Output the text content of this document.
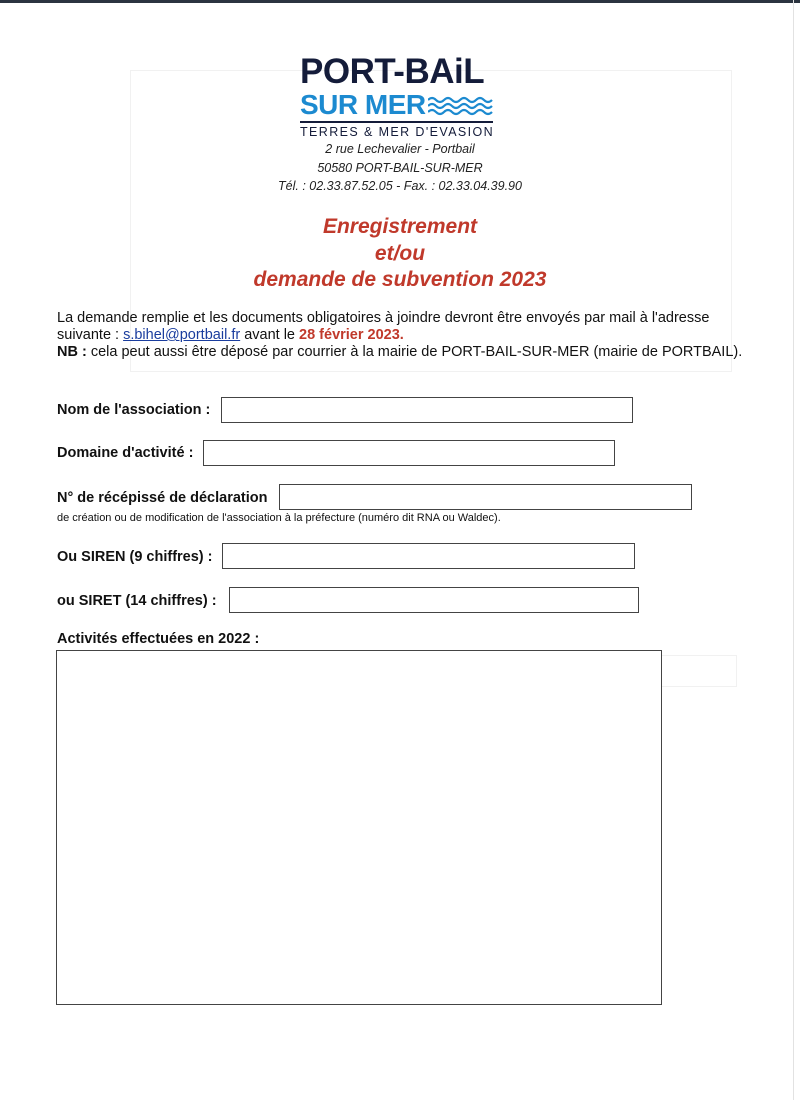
PORT-BAiL
SUR MER
TERRES & MER D'EVASION
2 rue Lechevalier - Portbail
50580 PORT-BAIL-SUR-MER
Tél. : 02.33.87.52.05 - Fax. : 02.33.04.39.90
Enregistrement
et/ou
demande de subvention 2023
La demande remplie et les documents obligatoires à joindre devront être envoyés par mail à l'adresse suivante : s.bihel@portbail.fr avant le 28 février 2023.
NB : cela peut aussi être déposé par courrier à la mairie de PORT-BAIL-SUR-MER (mairie de PORTBAIL).
Nom de l'association :
Domaine d'activité :
N° de récépissé de déclaration
de création ou de modification de l'association à la préfecture (numéro dit RNA ou Waldec).
Ou SIREN (9 chiffres) :
ou SIRET (14 chiffres) :
Activités effectuées en 2022 :
